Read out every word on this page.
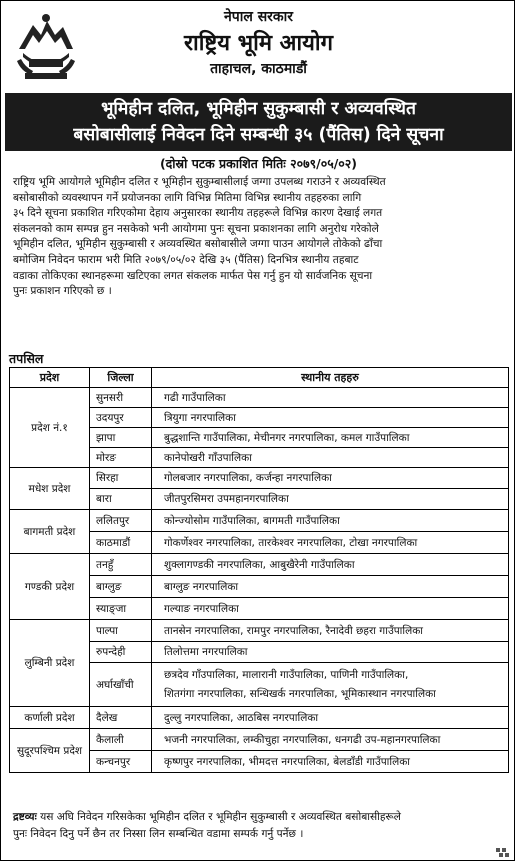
नेपाल सरकार
राष्ट्रिय भूमि आयोग
ताहाचल, काठमाडौं
भूमिहीन दलित, भूमिहीन सुकुम्बासी र अव्यवस्थित
बसोबासीलाई निवेदन दिने सम्बन्धी ३५ (पैंतिस) दिने सूचना
(दोस्रो पटक प्रकाशित मितिः २०७९/०५/०२)
राष्ट्रिय भूमि आयोगले भूमिहीन दलित र भूमिहीन सुकुम्बासीलाई जग्गा उपलब्ध गराउने र अव्यवस्थित
बसोबासीको व्यवस्थापन गर्ने प्रयोजनका लागि विभिन्न मितिमा विभिन्न स्थानीय तहहरुका लागि
३५ दिने सूचना प्रकाशित गरिएकोमा देहाय अनुसारका स्थानीय तहहरूले विभिन्न कारण देखाई लगत
संकलनको काम सम्पन्न हुन नसकेको भनी आयोगमा पुनः सूचना प्रकाशनका लागि अनुरोध गरेकोले
भूमिहीन दलित, भूमिहीन सुकुम्बासी र अव्यवस्थित बसोबासीले जग्गा पाउन आयोगले तोकेको ढाँचा
बमोजिम निवेदन फाराम भरी मिति २०७९/०५/०२ देखि ३५ (पैंतिस) दिनभित्र स्थानीय तहबाट
वडाका तोकिएका स्थानहरूमा खटिएका लगत संकलक मार्फत पेस गर्नु हुन यो सार्वजनिक सूचना
पुनः प्रकाशन गरिएको छ ।
तपसिल
प्रदेश	जिल्ला	स्थानीय तहहरु
प्रदेश नं.१	सुनसरी	गढी गाउँपालिका
	उदयपुर	त्रियुगा नगरपालिका
	झापा	बुद्धशान्ति गाउँपालिका, मेचीनगर नगरपालिका, कमल गाउँपालिका
	मोरङ	कानेपोखरी गाँउपालिका
मधेश प्रदेश	सिरहा	गोलबजार नगरपालिका, कर्जन्हा नगरपालिका
	बारा	जीतपुरसिमरा उपमहानगरपालिका
बागमती प्रदेश	ललितपुर	कोन्ज्योसोम गाउँपालिका, बागमती गाउँपालिका
	काठमाडौं	गोकर्णेश्वर नगरपालिका, तारकेश्वर नगरपालिका, टोखा नगरपालिका
गण्डकी प्रदेश	तनहुँ	शुक्लागण्डकी नगरपालिका, आबुखैरेनी गाउँपालिका
	बाग्लुङ	बाग्लुङ नगरपालिका
	स्याङ्जा	गल्याङ नगरपालिका
लुम्बिनी प्रदेश	पाल्पा	तानसेन नगरपालिका, रामपुर नगरपालिका, रैनादेवी छहरा गाउँपालिका
	रुपन्देही	तिलोत्तमा नगरपालिका
	अर्घाखाँची	छत्रदेव गाँउपालिका, मालारानी गाउँपालिका, पाणिनी गाउँपालिका,
शितगंगा नगरपालिका, सन्धिखर्क नगरपालिका, भूमिकास्थान नगरपालिका

कर्णाली प्रदेश	दैलेख	दुल्लु नगरपालिका, आठबिस नगरपालिका
सुदूरपश्चिम प्रदेश	कैलाली	भजनी नगरपालिका, लम्कीचुहा नगरपालिका, धनगढी उप-महानगरपालिका
	कन्चनपुर	कृष्णपुर नगरपालिका, भीमदत्त नगरपालिका, बेलडाँडी गाउँपालिका
द्रष्टव्यः यस अघि निवेदन गरिसकेका भूमिहीन दलित र भूमिहीन सुकुम्बासी र अव्यवस्थित बसोबासीहरूले
पुनः निवेदन दिनु पर्ने छैन तर निस्सा लिन सम्बन्धित वडामा सम्पर्क गर्नु पर्नेछ ।
